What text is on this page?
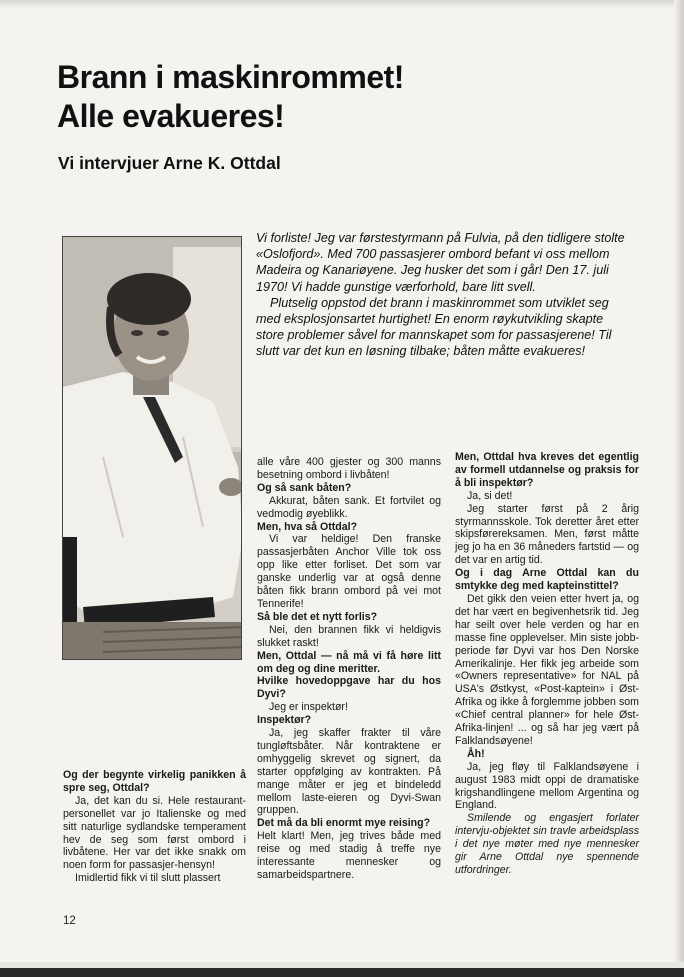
Brann i maskinrommet!
Alle evakueres!
Vi intervjuer Arne K. Ottdal

Vi forliste! Jeg var førstestyrmann på Fulvia, på den tidligere stolte «Oslofjord». Med 700 passasjerer ombord befant vi oss mellom Madeira og Kanariøyene. Jeg husker det som i går! Den 17. juli 1970! Vi hadde gunstige værforhold, bare litt svell.

Plutselig oppstod det brann i maskinrommet som utviklet seg med eksplosjonsartet hurtighet! En enorm røykutvikling skapte store problemer såvel for mannskapet som for passasjerene! Til slutt var det kun en løsning tilbake; båten måtte evakueres!

Og der begynte virkelig panikken å spre seg, Ottdal?

Ja, det kan du si. Hele restaurant-personellet var jo Italienske og med sitt naturlige sydlandske temperament hev de seg som først ombord i livbåtene. Her var det ikke snakk om noen form for passasjer-hensyn!

Imidlertid fikk vi til slutt plassert

alle våre 400 gjester og 300 manns besetning ombord i livbåten!

Og så sank båten?

Akkurat, båten sank. Et fortvilet og vedmodig øyeblikk.

Men, hva så Ottdal?

Vi var heldige! Den franske passasjerbåten Anchor Ville tok oss opp like etter forliset. Det som var ganske underlig var at også denne båten fikk brann ombord på vei mot Tennerife!

Så ble det et nytt forlis?

Nei, den brannen fikk vi heldigvis slukket raskt!

Men, Ottdal — nå må vi få høre litt om deg og dine meritter.

Hvilke hovedoppgave har du hos Dyvi?

Jeg er inspektør!

Inspektør?

Ja, jeg skaffer frakter til våre tungløftsbåter. Når kontraktene er omhyggelig skrevet og signert, da starter oppfølging av kontrakten. På mange måter er jeg et bindeledd mellom laste-eieren og Dyvi-Swan gruppen.

Det må da bli enormt mye reising?

Helt klart! Men, jeg trives både med reise og med stadig å treffe nye interessante mennesker og samarbeidspartnere.

Men, Ottdal hva kreves det egentlig av formell utdannelse og praksis for å bli inspektør?

Ja, si det!

Jeg starter først på 2 årig styrmannsskole. Tok deretter året etter skipsførereksamen. Men, først måtte jeg jo ha en 36 måneders fartstid — og det var en artig tid.

Og i dag Arne Ottdal kan du smtykke deg med kapteinstittel?

Det gikk den veien etter hvert ja, og det har vært en begivenhetsrik tid. Jeg har seilt over hele verden og har en masse fine opplevelser. Min siste jobb-periode før Dyvi var hos Den Norske Amerikalinje. Her fikk jeg arbeide som «Owners representative» for NAL på USA's Østkyst, «Post-kaptein» i Øst-Afrika og ikke å forglemme jobben som «Chief central planner» for hele Øst-Afrika-linjen! ... og så har jeg vært på Falklandsøyene!

Åh!

Ja, jeg fløy til Falklandsøyene i august 1983 midt oppi de dramatiske krigshandlingene mellom Argentina og England.

Smilende og engasjert forlater intervju-objektet sin travle arbeidsplass i det nye møter med nye mennesker gir Arne Ottdal nye spennende utfordringer.

12
